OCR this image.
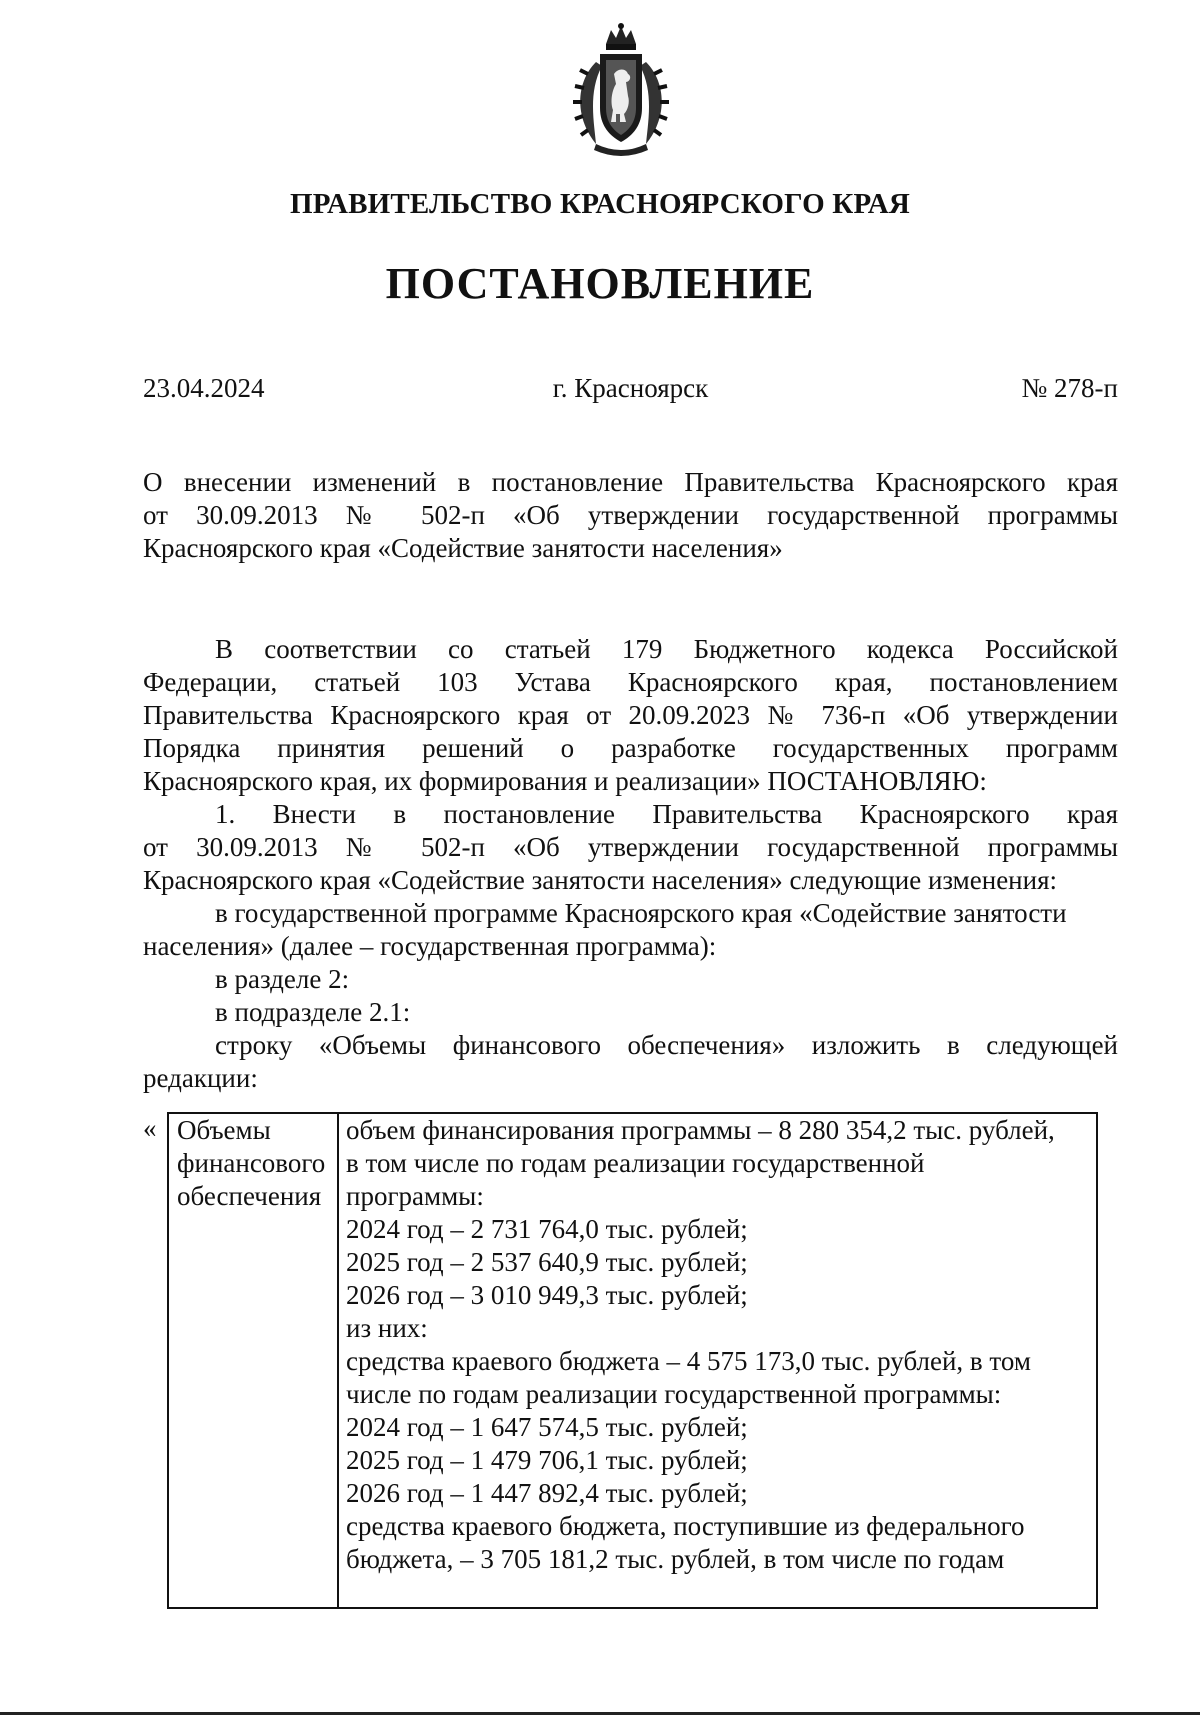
ПРАВИТЕЛЬСТВО КРАСНОЯРСКОГО КРАЯ
ПОСТАНОВЛЕНИЕ
23.04.2024	г. Красноярск	№ 278-п
О внесении изменений в постановление Правительства Красноярского края
от 30.09.2013 № 502-п «Об утверждении государственной программы
Красноярского края «Содействие занятости населения»
В соответствии со статьей 179 Бюджетного кодекса Российской
Федерации, статьей 103 Устава Красноярского края, постановлением
Правительства Красноярского края от 20.09.2023 № 736-п «Об утверждении
Порядка принятия решений о разработке государственных программ
Красноярского края, их формирования и реализации» ПОСТАНОВЛЯЮ:
1. Внести в постановление Правительства Красноярского края
от 30.09.2013 № 502-п «Об утверждении государственной программы
Красноярского края «Содействие занятости населения» следующие изменения:
в государственной программе Красноярского края «Содействие занятости
населения» (далее – государственная программа):
в разделе 2:
в подразделе 2.1:
строку «Объемы финансового обеспечения» изложить в следующей
редакции:
« Объемы
финансового
обеспечения
объем финансирования программы – 8 280 354,2 тыс. рублей,
в том числе по годам реализации государственной
программы:
2024 год – 2 731 764,0 тыс. рублей;
2025 год – 2 537 640,9 тыс. рублей;
2026 год – 3 010 949,3 тыс. рублей;
из них:
средства краевого бюджета – 4 575 173,0 тыс. рублей, в том
числе по годам реализации государственной программы:
2024 год – 1 647 574,5 тыс. рублей;
2025 год – 1 479 706,1 тыс. рублей;
2026 год – 1 447 892,4 тыс. рублей;
средства краевого бюджета, поступившие из федерального
бюджета, – 3 705 181,2 тыс. рублей, в том числе по годам
